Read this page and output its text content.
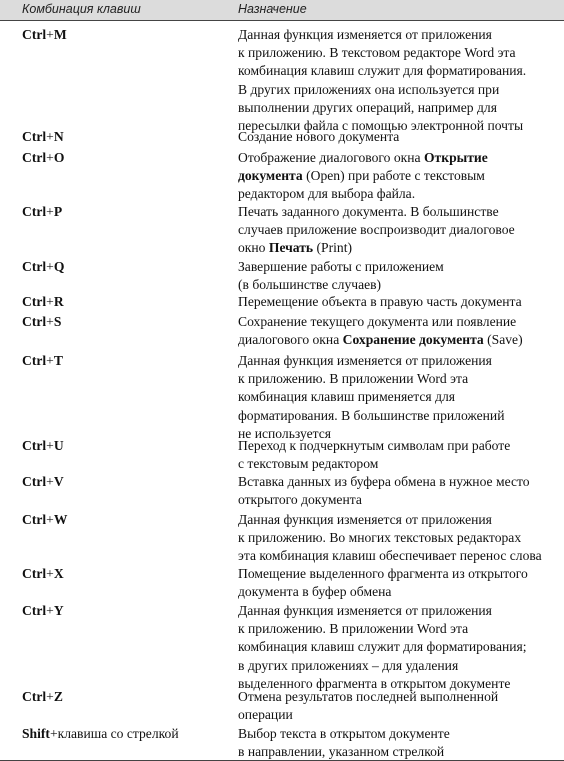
Комбинация клавиш	Назначение
Ctrl+M	Данная функция изменяется от приложения
к приложению. В текстовом редакторе Word эта
комбинация клавиш служит для форматирования.
В других приложениях она используется при
выполнении других операций, например для
пересылки файла с помощью электронной почты
Ctrl+N	Создание нового документа
Ctrl+O	Отображение диалогового окна Открытие
документа (Open) при работе с текстовым
редактором для выбора файла.
Ctrl+P	Печать заданного документа. В большинстве
случаев приложение воспроизводит диалоговое
окно Печать (Print)
Ctrl+Q	Завершение работы с приложением
(в большинстве случаев)
Ctrl+R	Перемещение объекта в правую часть документа
Ctrl+S	Сохранение текущего документа или появление
диалогового окна Сохранение документа (Save)
Ctrl+T	Данная функция изменяется от приложения
к приложению. В приложении Word эта
комбинация клавиш применяется для
форматирования. В большинстве приложений
не используется
Ctrl+U	Переход к подчеркнутым символам при работе
с текстовым редактором
Ctrl+V	Вставка данных из буфера обмена в нужное место
открытого документа
Ctrl+W	Данная функция изменяется от приложения
к приложению. Во многих текстовых редакторах
эта комбинация клавиш обеспечивает перенос слова
Ctrl+X	Помещение выделенного фрагмента из открытого
документа в буфер обмена
Ctrl+Y	Данная функция изменяется от приложения
к приложению. В приложении Word эта
комбинация клавиш служит для форматирования;
в других приложениях – для удаления
выделенного фрагмента в открытом документе
Ctrl+Z	Отмена результатов последней выполненной
операции
Shift+клавиша со стрелкой	Выбор текста в открытом документе
в направлении, указанном стрелкой
